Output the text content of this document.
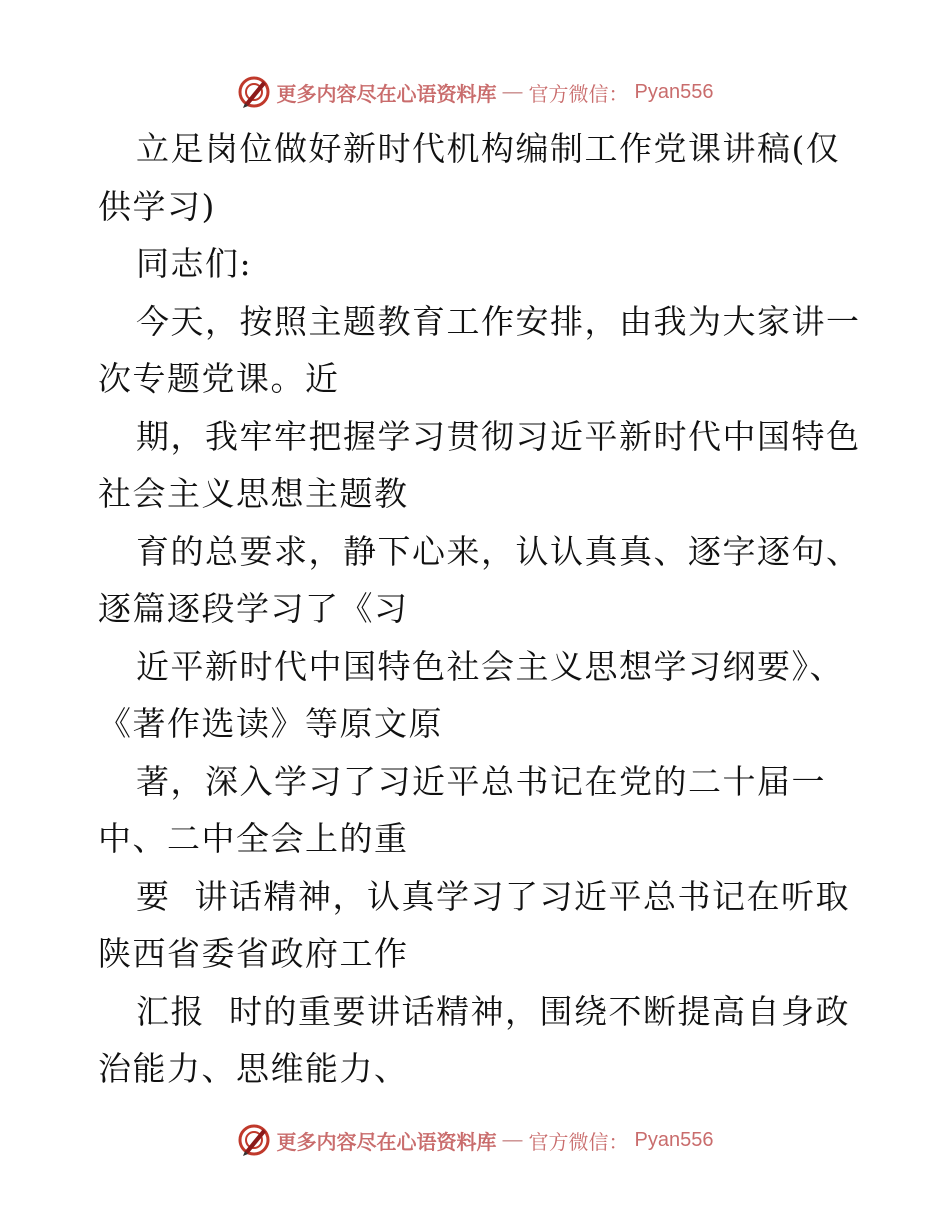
更多内容尽在心语资料库 — 官方微信： Pyan556
立足岗位做好新时代机构编制工作党课讲稿(仅
供学习)
同志们:
今天，按照主题教育工作安排，由我为大家讲一
次专题党课。近
期，我牢牢把握学习贯彻习近平新时代中国特色
社会主义思想主题教
育的总要求，静下心来，认认真真、逐字逐句、
逐篇逐段学习了《习
近平新时代中国特色社会主义思想学习纲要》、
《著作选读》等原文原
著，深入学习了习近平总书记在党的二十届一
中、二中全会上的重
要  讲话精神，认真学习了习近平总书记在听取
陕西省委省政府工作
汇报  时的重要讲话精神，围绕不断提高自身政
治能力、思维能力、
更多内容尽在心语资料库 — 官方微信： Pyan556
